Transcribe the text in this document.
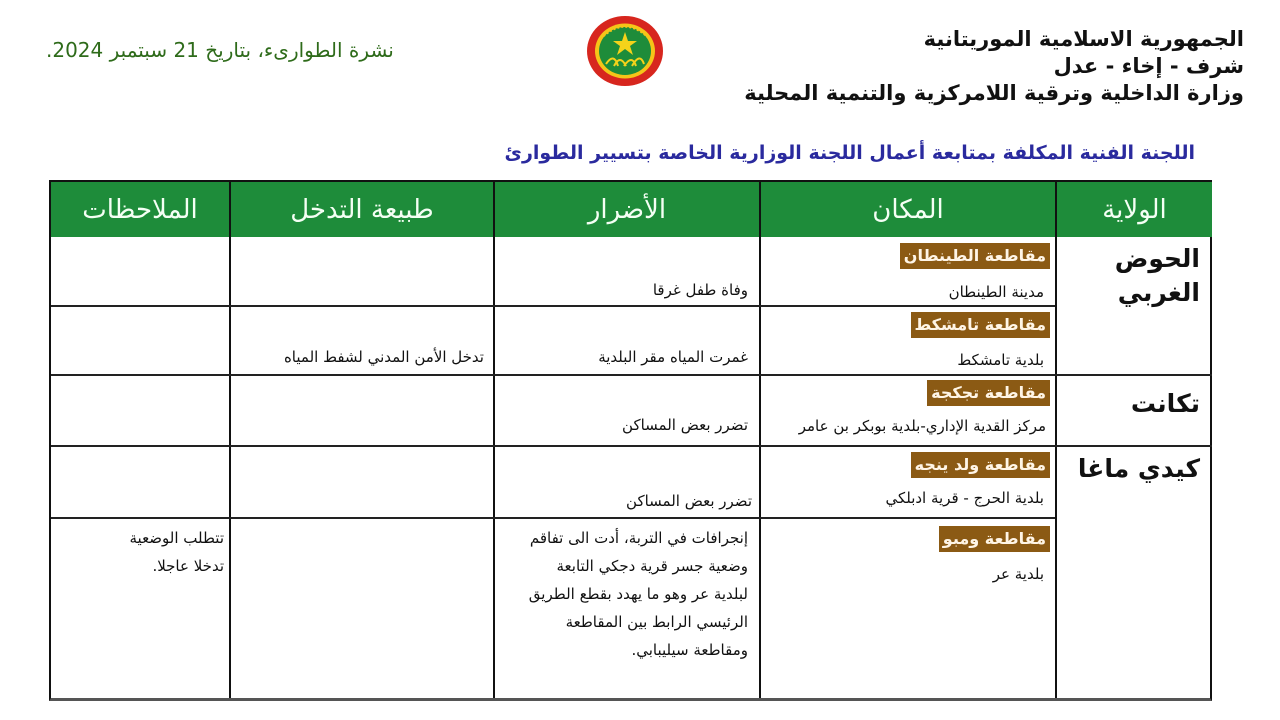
الجمهورية الاسلامية الموريتانية
شرف - إخاء - عدل
وزارة الداخلية وترقية اللامركزية والتنمية المحلية
نشرة الطوارىء، بتاريخ 21 سبتمبر 2024.
اللجنة الفنية المكلفة بمتابعة أعمال اللجنة الوزارية الخاصة بتسيير الطوارئ
الولاية
المكان
الأضرار
طبيعة التدخل
الملاحظات
الحوض
الغربي
تكانت
كيدي ماغا
مقاطعة الطينطان
مدينة الطينطان
وفاة طفل غرقا
مقاطعة تامشكط
بلدية تامشكط
غمرت المياه مقر البلدية
تدخل الأمن المدني لشفط المياه
مقاطعة تجكجة
مركز القدية الإداري-بلدية بوبكر بن عامر
تضرر بعض المساكن
مقاطعة ولد ينجه
بلدية الحرج - قرية ادبلكي
تضرر بعض المساكن
مقاطعة ومبو
بلدية عر
إنجرافات في التربة، أدت الى تفاقم
وضعية جسر قرية دجكي التابعة
لبلدية عر وهو ما يهدد بقطع الطريق
الرئيسي الرابط بين المقاطعة
ومقاطعة سيليبابي.
تتطلب الوضعية
تدخلا عاجلا.
